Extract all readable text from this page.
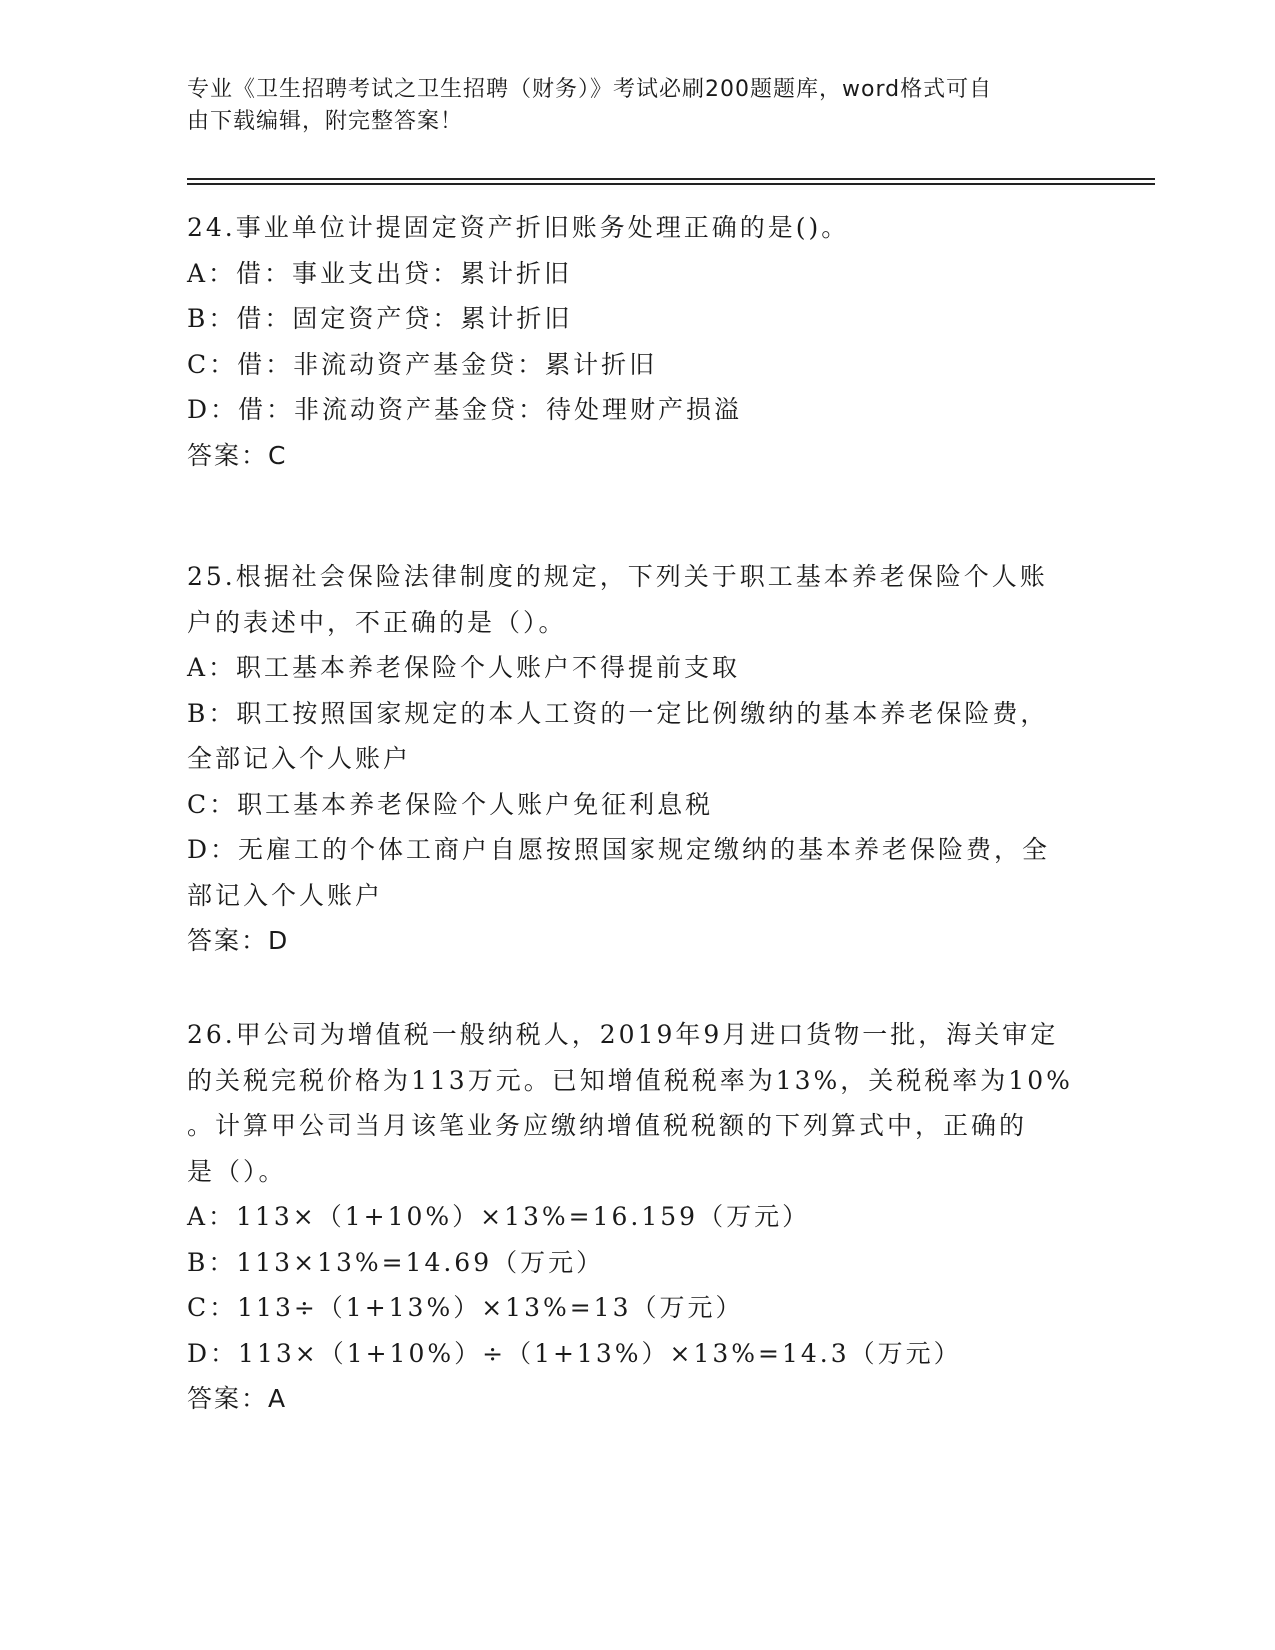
专业《卫生招聘考试之卫生招聘（财务）》考试必刷200题题库，word格式可自
由下载编辑，附完整答案！
24.事业单位计提固定资产折旧账务处理正确的是()。
A：借：事业支出贷：累计折旧
B：借：固定资产贷：累计折旧
C：借：非流动资产基金贷：累计折旧
D：借：非流动资产基金贷：待处理财产损溢
答案：C
25.根据社会保险法律制度的规定，下列关于职工基本养老保险个人账
户的表述中，不正确的是（）。
A：职工基本养老保险个人账户不得提前支取
B：职工按照国家规定的本人工资的一定比例缴纳的基本养老保险费，
全部记入个人账户
C：职工基本养老保险个人账户免征利息税
D：无雇工的个体工商户自愿按照国家规定缴纳的基本养老保险费，全
部记入个人账户
答案：D
26.甲公司为增值税一般纳税人，2019年9月进口货物一批，海关审定
的关税完税价格为113万元。已知增值税税率为13%，关税税率为10%
。计算甲公司当月该笔业务应缴纳增值税税额的下列算式中，正确的
是（）。
A：113×（1+10%）×13%=16.159（万元）
B：113×13%=14.69（万元）
C：113÷（1+13%）×13%=13（万元）
D：113×（1+10%）÷（1+13%）×13%=14.3（万元）
答案：A
